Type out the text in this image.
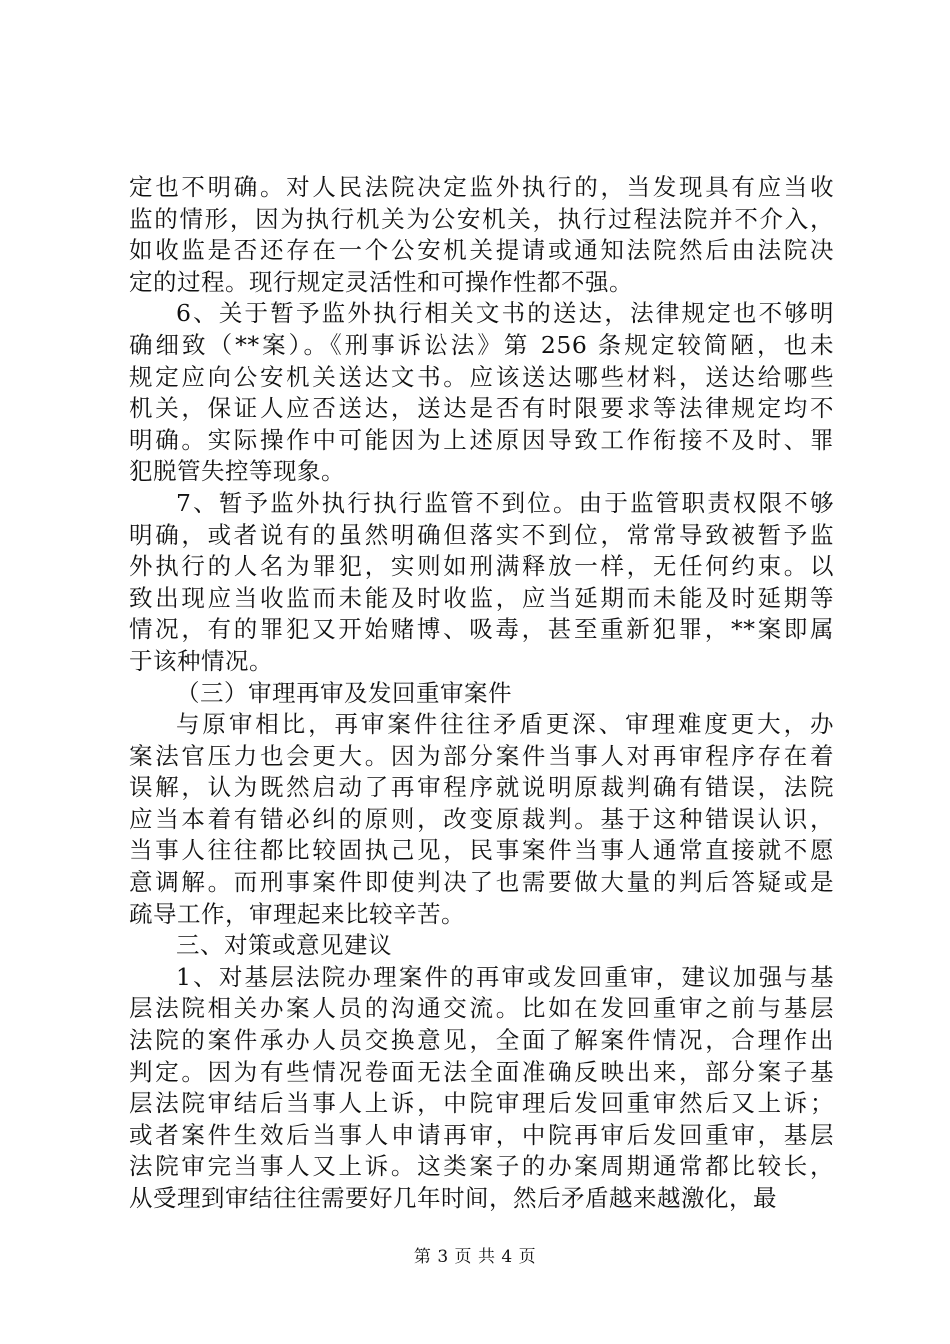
定也不明确。对人民法院决定监外执行的，当发现具有应当收
监的情形，因为执行机关为公安机关，执行过程法院并不介入，
如收监是否还存在一个公安机关提请或通知法院然后由法院决
定的过程。现行规定灵活性和可操作性都不强。
6、关于暂予监外执行相关文书的送达，法律规定也不够明
确细致（**案）。《刑事诉讼法》第 256 条规定较简陋，也未
规定应向公安机关送达文书。应该送达哪些材料，送达给哪些
机关，保证人应否送达，送达是否有时限要求等法律规定均不
明确。实际操作中可能因为上述原因导致工作衔接不及时、罪
犯脱管失控等现象。
7、暂予监外执行执行监管不到位。由于监管职责权限不够
明确，或者说有的虽然明确但落实不到位，常常导致被暂予监
外执行的人名为罪犯，实则如刑满释放一样，无任何约束。以
致出现应当收监而未能及时收监，应当延期而未能及时延期等
情况，有的罪犯又开始赌博、吸毒，甚至重新犯罪，**案即属
于该种情况。
（三）审理再审及发回重审案件
与原审相比，再审案件往往矛盾更深、审理难度更大，办
案法官压力也会更大。因为部分案件当事人对再审程序存在着
误解，认为既然启动了再审程序就说明原裁判确有错误，法院
应当本着有错必纠的原则，改变原裁判。基于这种错误认识，
当事人往往都比较固执己见，民事案件当事人通常直接就不愿
意调解。而刑事案件即使判决了也需要做大量的判后答疑或是
疏导工作，审理起来比较辛苦。
三、对策或意见建议
1、对基层法院办理案件的再审或发回重审，建议加强与基
层法院相关办案人员的沟通交流。比如在发回重审之前与基层
法院的案件承办人员交换意见，全面了解案件情况，合理作出
判定。因为有些情况卷面无法全面准确反映出来，部分案子基
层法院审结后当事人上诉，中院审理后发回重审然后又上诉；
或者案件生效后当事人申请再审，中院再审后发回重审，基层
法院审完当事人又上诉。这类案子的办案周期通常都比较长，
从受理到审结往往需要好几年时间，然后矛盾越来越激化，最
第 3 页 共 4 页
